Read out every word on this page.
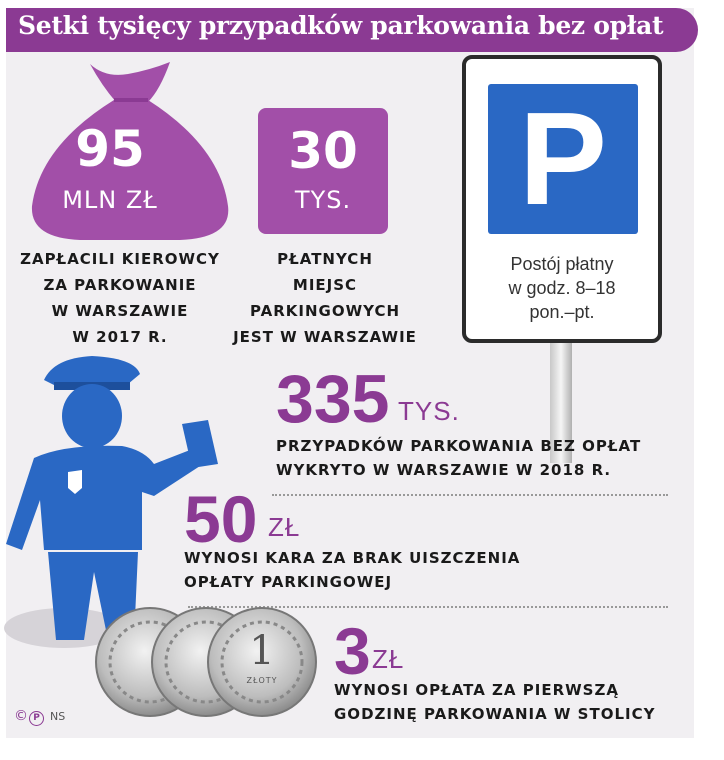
Setki tysięcy przypadków parkowania bez opłat
95
MLN ZŁ
ZAPŁACILI KIEROWCY
ZA PARKOWANIE
W WARSZAWIE
W 2017 R.
30
TYS.
PŁATNYCH
MIEJSC
PARKINGOWYCH
JEST W WARSZAWIE
P
Postój płatny
w godz. 8–18
pon.–pt.
335 TYS.
PRZYPADKÓW PARKOWANIA BEZ OPŁAT
WYKRYTO W WARSZAWIE W 2018 R.
50 ZŁ
WYNOSI KARA ZA BRAK UISZCZENIA
OPŁATY PARKINGOWEJ
1
ZŁOTY 3 ZŁ
WYNOSI OPŁATA ZA PIERWSZĄ
GODZINĘ PARKOWANIA W STOLICY
© P NS
